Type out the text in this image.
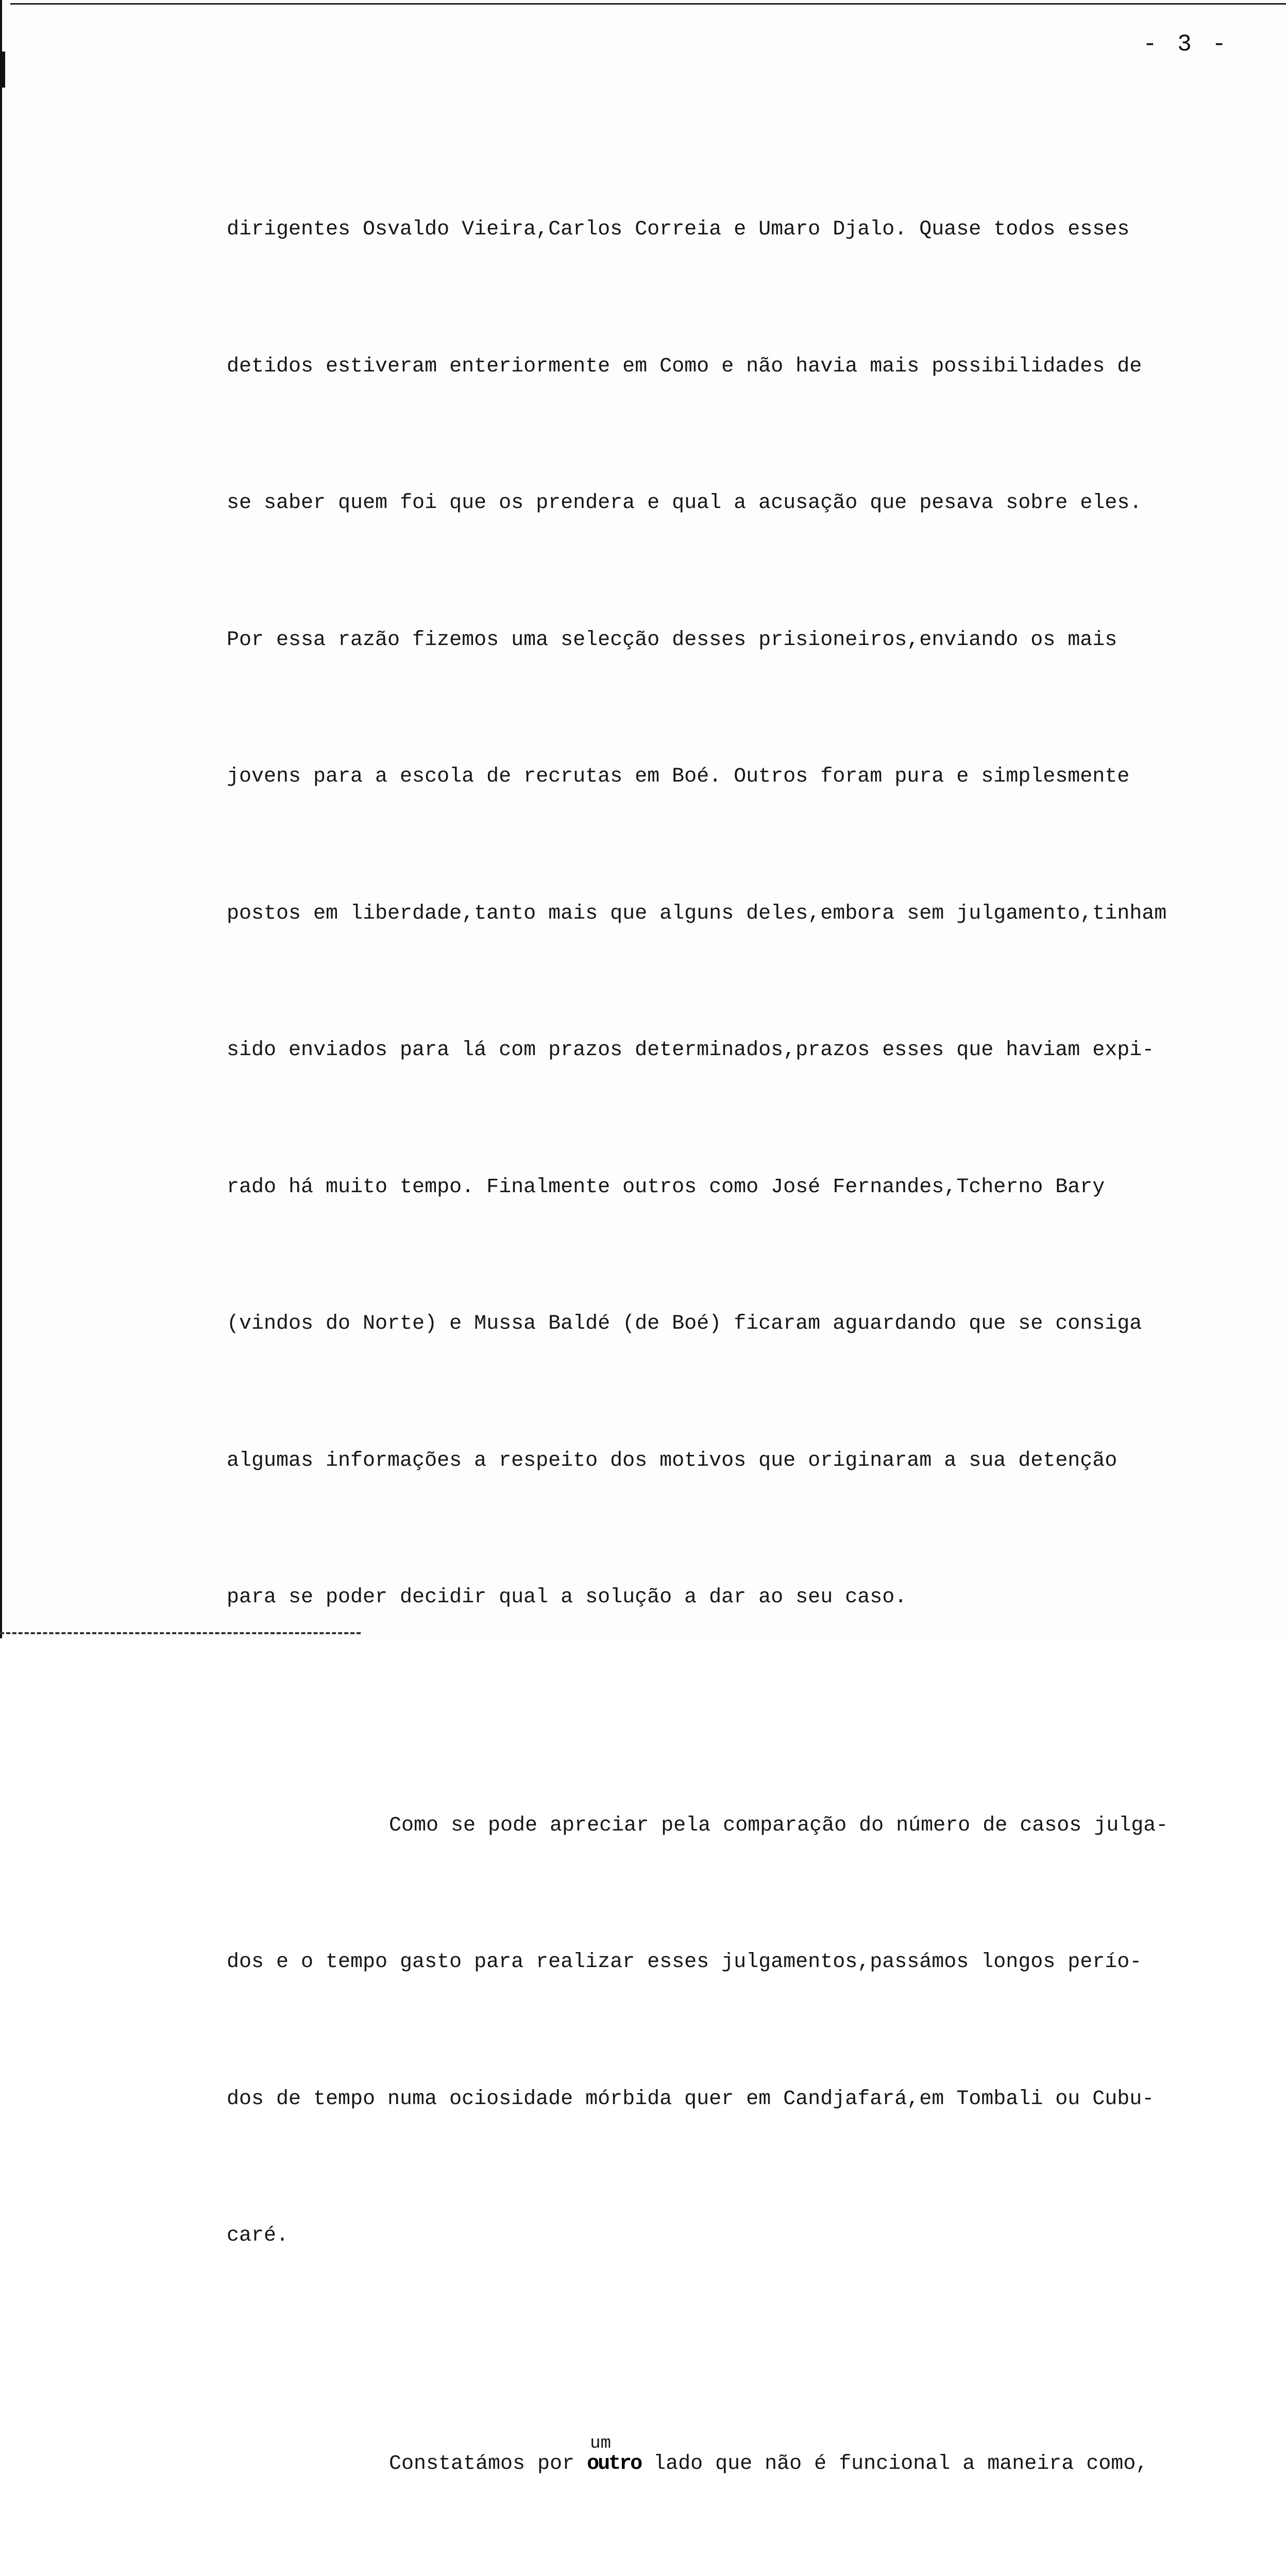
- 3 -

dirigentes Osvaldo Vieira,Carlos Correia e Umaro Djalo. Quase todos esses

detidos estiveram enteriormente em Como e não havia mais possibilidades de

se saber quem foi que os prendera e qual a acusação que pesava sobre eles.

Por essa razão fizemos uma selecção desses prisioneiros,enviando os mais

jovens para a escola de recrutas em Boé. Outros foram pura e simplesmente

postos em liberdade,tanto mais que alguns deles,embora sem julgamento,tinham

sido enviados para lá com prazos determinados,prazos esses que haviam expi-

rado há muito tempo. Finalmente outros como José Fernandes,Tcherno Bary

(vindos do Norte) e Mussa Baldé (de Boé) ficaram aguardando que se consiga

algumas informações a respeito dos motivos que originaram a sua detenção

para se poder decidir qual a solução a dar ao seu caso.

Como se pode apreciar pela comparação do número de casos julga-

dos e o tempo gasto para realizar esses julgamentos,passámos longos perío-

dos de tempo numa ociosidade mórbida quer em Candjafará,em Tombali ou Cubu-

caré.

Constatámos por
um
outro lado que não é funcional a maneira como,
